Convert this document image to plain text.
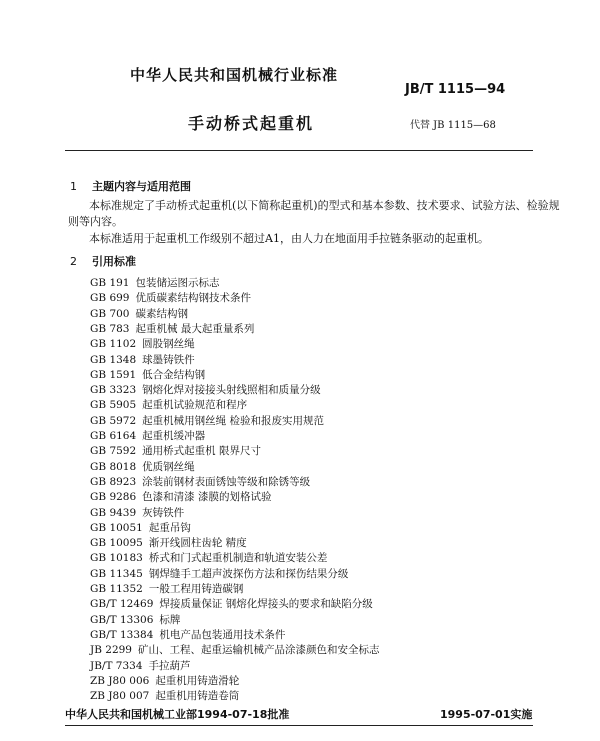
中华人民共和国机械行业标准
JB/T 1115—94
手动桥式起重机	代替 JB 1115—68
1 主题内容与适用范围
本标准规定了手动桥式起重机(以下简称起重机)的型式和基本参数、技术要求、试验方法、检验规
则等内容。
本标准适用于起重机工作级别不超过A1，由人力在地面用手拉链条驱动的起重机。
2 引用标准
GB 191 包装储运图示标志
GB 699 优质碳素结构钢技术条件
GB 700 碳素结构钢
GB 783 起重机械 最大起重量系列
GB 1102 圆股钢丝绳
GB 1348 球墨铸铁件
GB 1591 低合金结构钢
GB 3323 钢熔化焊对接接头射线照相和质量分级
GB 5905 起重机试验规范和程序
GB 5972 起重机械用钢丝绳 检验和报废实用规范
GB 6164 起重机缓冲器
GB 7592 通用桥式起重机 限界尺寸
GB 8018 优质钢丝绳
GB 8923 涂装前钢材表面锈蚀等级和除锈等级
GB 9286 色漆和清漆 漆膜的划格试验
GB 9439 灰铸铁件
GB 10051 起重吊钩
GB 10095 渐开线圆柱齿轮 精度
GB 10183 桥式和门式起重机制造和轨道安装公差
GB 11345 钢焊缝手工超声波探伤方法和探伤结果分级
GB 11352 一般工程用铸造碳钢
GB/T 12469 焊接质量保证 钢熔化焊接头的要求和缺陷分级
GB/T 13306 标牌
GB/T 13384 机电产品包装通用技术条件
JB 2299 矿山、工程、起重运输机械产品涂漆颜色和安全标志
JB/T 7334 手拉葫芦
ZB J80 006 起重机用铸造滑轮
ZB J80 007 起重机用铸造卷筒
中华人民共和国机械工业部1994-07-18批准	1995-07-01实施
